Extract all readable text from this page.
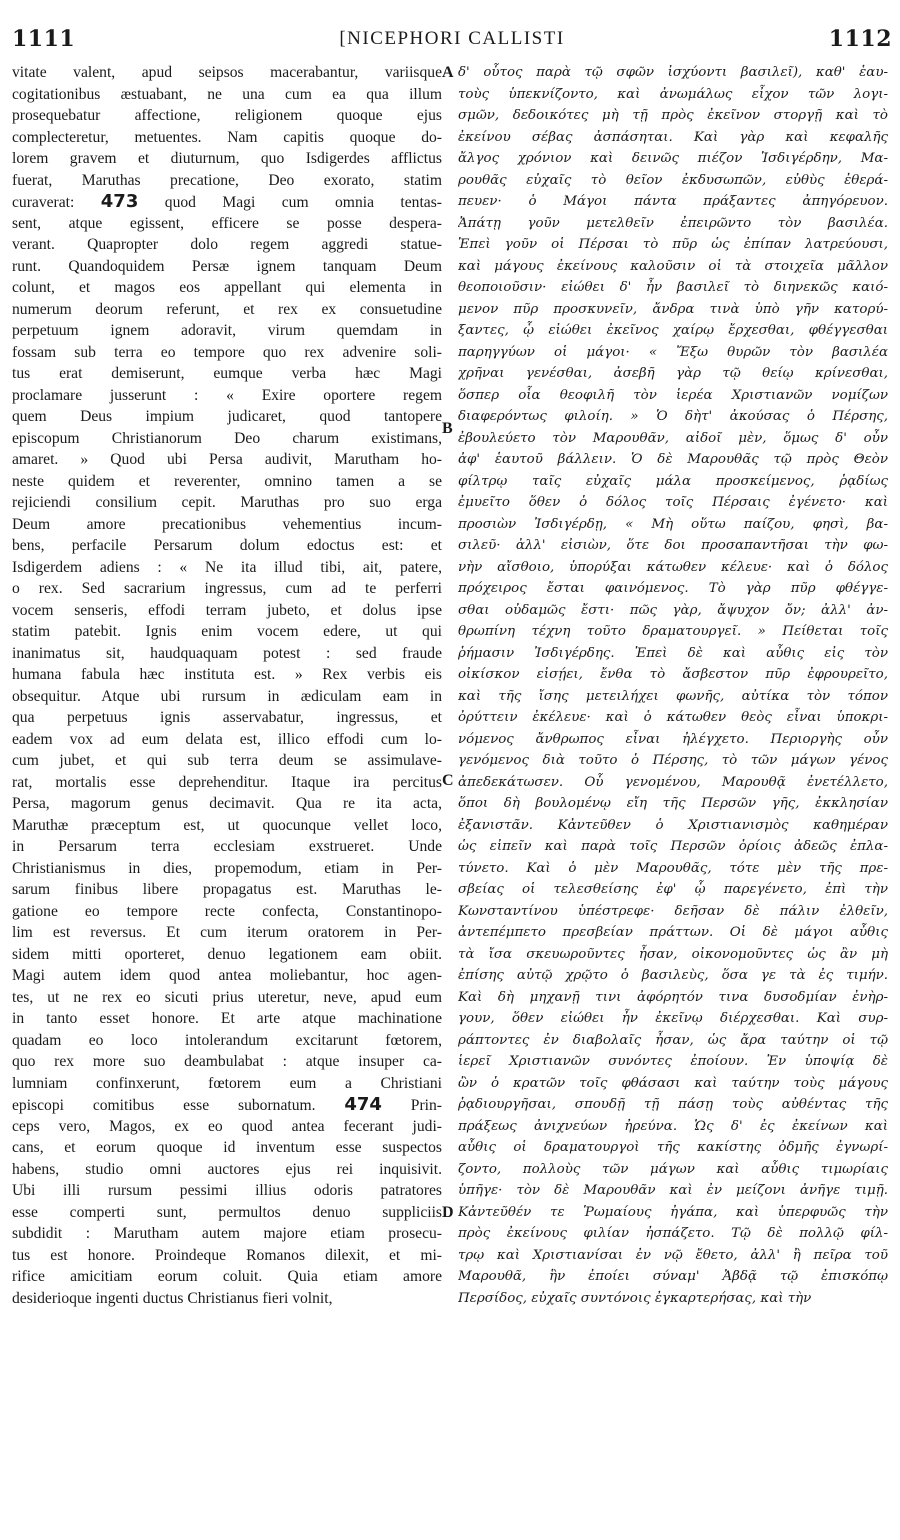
1111	[NICEPHORI CALLISTI	1112
vitate valent, apud seipsos macerabantur, variisque
cogitationibus æstuabant, ne una cum ea qua illum
prosequebatur affectione, religionem quoque ejus
complecteretur, metuentes. Nam capitis quoque do-
lorem gravem et diuturnum, quo Isdigerdes afflictus
fuerat, Maruthas precatione, Deo exorato, statim
curaverat: 473 quod Magi cum omnia tentas-
sent, atque egissent, efficere se posse despera-
verant. Quapropter dolo regem aggredi statue-
runt. Quandoquidem Persæ ignem tanquam Deum
colunt, et magos eos appellant qui elementa in
numerum deorum referunt, et rex ex consuetudine
perpetuum ignem adoravit, virum quemdam in
fossam sub terra eo tempore quo rex advenire soli-
tus erat demiserunt, eumque verba hæc Magi
proclamare jusserunt : « Exire oportere regem
quem Deus impium judicaret, quod tantopere
episcopum Christianorum Deo charum existimans,
amaret. » Quod ubi Persa audivit, Marutham ho-
neste quidem et reverenter, omnino tamen a se
rejiciendi consilium cepit. Maruthas pro suo erga
Deum amore precationibus vehementius incum-
bens, perfacile Persarum dolum edoctus est: et
Isdigerdem adiens : « Ne ita illud tibi, ait, patere,
o rex. Sed sacrarium ingressus, cum ad te perferri
vocem senseris, effodi terram jubeto, et dolus ipse
statim patebit. Ignis enim vocem edere, ut qui
inanimatus sit, haudquaquam potest : sed fraude
humana fabula hæc instituta est. » Rex verbis eis
obsequitur. Atque ubi rursum in ædiculam eam in
qua perpetuus ignis asservabatur, ingressus, et
eadem vox ad eum delata est, illico effodi cum lo-
cum jubet, et qui sub terra deum se assimulave-
rat, mortalis esse deprehenditur. Itaque ira percitus
Persa, magorum genus decimavit. Qua re ita acta,
Maruthæ præceptum est, ut quocunque vellet loco,
in Persarum terra ecclesiam exstrueret. Unde
Christianismus in dies, propemodum, etiam in Per-
sarum finibus libere propagatus est. Maruthas le-
gatione eo tempore recte confecta, Constantinopo-
lim est reversus. Et cum iterum oratorem in Per-
sidem mitti oporteret, denuo legationem eam obiit.
Magi autem idem quod antea moliebantur, hoc agen-
tes, ut ne rex eo sicuti prius uteretur, neve, apud eum
in tanto esset honore. Et arte atque machinatione
quadam eo loco intolerandum excitarunt fœtorem,
quo rex more suo deambulabat : atque insuper ca-
lumniam confinxerunt, fœtorem eum a Christiani
episcopi comitibus esse subornatum. 474 Prin-
ceps vero, Magos, ex eo quod antea fecerant judi-
cans, et eorum quoque id inventum esse suspectos
habens, studio omni auctores ejus rei inquisivit.
Ubi illi rursum pessimi illius odoris patratores
esse comperti sunt, permultos denuo suppliciis
subdidit : Marutham autem majore etiam prosecu-
tus est honore. Proindeque Romanos dilexit, et mi-
rifice amicitiam eorum coluit. Quia etiam amore
desiderioque ingenti ductus Christianus fieri volnit,
δ' οὗτος παρὰ τῷ σφῶν ἰσχύοντι βασιλεῖ), καθ' ἑαυ-
τοὺς ὑπεκνίζοντο, καὶ ἀνωμάλως εἶχον τῶν λογι-
σμῶν, δεδοικότες μὴ τῇ πρὸς ἐκεῖνον στοργῇ καὶ τὸ
ἐκείνου σέβας ἀσπάσηται. Καὶ γὰρ καὶ κεφαλῆς
ἄλγος χρόνιον καὶ δεινῶς πιέζον Ἰσδιγέρδην, Μα-
ρουθᾶς εὐχαῖς τὸ θεῖον ἐκδυσωπῶν, εὐθὺς ἐθερά-
πευεν· ὁ Μάγοι πάντα πράξαντες ἀπηγόρευον.
Ἀπάτῃ γοῦν μετελθεῖν ἐπειρῶντο τὸν βασιλέα.
Ἐπεὶ γοῦν οἱ Πέρσαι τὸ πῦρ ὡς ἐπίπαν λατρεύουσι,
καὶ μάγους ἐκείνους καλοῦσιν οἱ τὰ στοιχεῖα μᾶλλον
θεοποιοῦσιν· εἰώθει δ' ἦν βασιλεῖ τὸ διηνεκῶς καιό-
μενον πῦρ προσκυνεῖν, ἄνδρα τινὰ ὑπὸ γῆν κατορύ-
ξαντες, ᾧ εἰώθει ἐκεῖνος χαίρῳ ἔρχεσθαι, φθέγγεσθαι
παρηγγύων οἱ μάγοι· « Ἔξω θυρῶν τὸν βασιλέα
χρῆναι γενέσθαι, ἀσεβῆ γὰρ τῷ θείῳ κρίνεσθαι,
ὅσπερ οἷα θεοφιλῆ τὸν ἱερέα Χριστιανῶν νομίζων
διαφερόντως φιλοίη. » Ὁ δὴτ' ἀκούσας ὁ Πέρσης,
ἐβουλεύετο τὸν Μαρουθᾶν, αἰδοῖ μὲν, ὅμως δ' οὖν
ἀφ' ἑαυτοῦ βάλλειν. Ὁ δὲ Μαρουθᾶς τῷ πρὸς Θεὸν
φίλτρῳ ταῖς εὐχαῖς μάλα προσκείμενος, ῥᾳδίως
ἐμυεῖτο ὅθεν ὁ δόλος τοῖς Πέρσαις ἐγένετο· καὶ
προσιὼν Ἰσδιγέρδῃ, « Μὴ οὕτω παίζου, φησὶ, βα-
σιλεῦ· ἀλλ' εἰσιὼν, ὅτε δοι προσαπαντῆσαι τὴν φω-
νὴν αἴσθοιο, ὑπορύξαι κάτωθεν κέλευε· καὶ ὁ δόλος
πρόχειρος ἔσται φαινόμενος. Τὸ γὰρ πῦρ φθέγγε-
σθαι οὐδαμῶς ἔστι· πῶς γὰρ, ἄψυχον ὄν; ἀλλ' ἀν-
θρωπίνη τέχνη τοῦτο δραματουργεῖ. » Πείθεται τοῖς
ῥήμασιν Ἰσδιγέρδης. Ἐπεὶ δὲ καὶ αὖθις εἰς τὸν
οἰκίσκον εἰσῄει, ἔνθα τὸ ἄσβεστον πῦρ ἐφρουρεῖτο,
καὶ τῆς ἴσης μετειλήχει φωνῆς, αὐτίκα τὸν τόπον
ὀρύττειν ἐκέλευε· καὶ ὁ κάτωθεν θεὸς εἶναι ὑποκρι-
νόμενος ἄνθρωπος εἶναι ἠλέγχετο. Περιοργὴς οὖν
γενόμενος διὰ τοῦτο ὁ Πέρσης, τὸ τῶν μάγων γένος
ἀπεδεκάτωσεν. Οὗ γενομένου, Μαρουθᾷ ἐνετέλλετο,
ὅποι δὴ βουλομένῳ εἴη τῆς Περσῶν γῆς, ἐκκλησίαν
ἐξανιστᾶν. Κἀντεῦθεν ὁ Χριστιανισμὸς καθημέραν
ὡς εἰπεῖν καὶ παρὰ τοῖς Περσῶν ὁρίοις ἀδεῶς ἐπλα-
τύνετο. Καὶ ὁ μὲν Μαρουθᾶς, τότε μὲν τῆς πρε-
σβείας οἱ τελεσθείσης ἐφ' ᾧ παρεγένετο, ἐπὶ τὴν
Κωνσταντίνου ὑπέστρεφε· δεῆσαν δὲ πάλιν ἐλθεῖν,
ἀντεπέμπετο πρεσβείαν πράττων. Οἱ δὲ μάγοι αὖθις
τὰ ἴσα σκευωροῦντες ἦσαν, οἰκονομοῦντες ὡς ἂν μὴ
ἐπίσης αὐτῷ χρῷτο ὁ βασιλεὺς, ὅσα γε τὰ ἐς τιμήν.
Καὶ δὴ μηχανῇ τινι ἀφόρητόν τινα δυσοδμίαν ἐνὴρ-
γουν, ὅθεν εἰώθει ἦν ἐκεῖνῳ διέρχεσθαι. Καὶ συρ-
ράπτοντες ἐν διαβολαῖς ἦσαν, ὡς ἄρα ταύτην οἱ τῷ
ἱερεῖ Χριστιανῶν συνόντες ἐποίουν. Ἐν ὑποψίᾳ δὲ
ὢν ὁ κρατῶν τοῖς φθάσασι καὶ ταύτην τοὺς μάγους
ῥᾳδιουργῆσαι, σπουδῇ τῇ πάσῃ τοὺς αὐθέντας τῆς
πράξεως ἀνιχνεύων ἠρεύνα. Ὡς δ' ἐς ἐκείνων καὶ
αὖθις οἱ δραματουργοὶ τῆς κακίστης ὀδμῆς ἐγνωρί-
ζοντο, πολλοὺς τῶν μάγων καὶ αὖθις τιμωρίαις
ὑπῆγε· τὸν δὲ Μαρουθᾶν καὶ ἐν μείζονι ἀνῆγε τιμῇ.
Κἀντεῦθέν τε Ῥωμαίους ἠγάπα, καὶ ὑπερφυῶς τὴν
πρὸς ἐκείνους φιλίαν ἠσπάζετο. Τῷ δὲ πολλῷ φίλ-
τρῳ καὶ Χριστιανίσαι ἐν νῷ ἔθετο, ἀλλ' ἢ πεῖρα τοῦ
Μαρουθᾶ, ἣν ἐποίει σύναμ' Ἀβδᾷ τῷ ἐπισκόπῳ
Περσίδος, εὐχαῖς συντόνοις ἐγκαρτερήσας, καὶ τὴν
A
B
C
D
